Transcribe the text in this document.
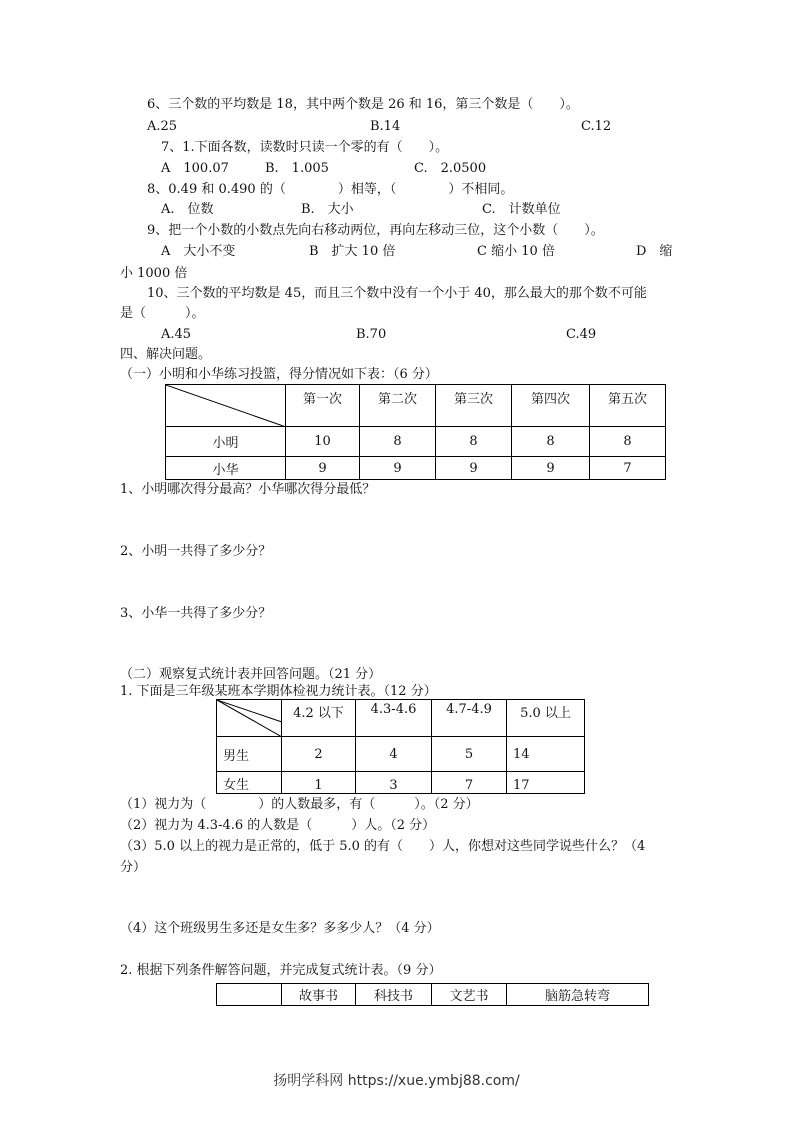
6、三个数的平均数是 18，其中两个数是 26 和 16，第三个数是（　　）。
A.25	B.14	C.12
7、1.下面各数，读数时只读一个零的有（　　）。
A　100.07	B.　1.005	C.　2.0500
8、0.49 和 0.490 的（　　　　）相等，（　　　　）不相同。
A.　位数	B.　大小	C.　计数单位
9、把一个小数的小数点先向右移动两位，再向左移动三位，这个小数（　　）。
A　大小不变	B　扩大 10 倍	C 缩小 10 倍	D　缩
小 1000 倍
10、三个数的平均数是 45，而且三个数中没有一个小于 40，那么最大的那个数不可能
是（　　　）。
A.45	B.70	C.49
四、解决问题。
（一）小明和小华练习投篮，得分情况如下表：（6 分）
	第一次	第二次	第三次	第四次	第五次
小明	10	8	8	8	8
小华	9	9	9	9	7
1、小明哪次得分最高？小华哪次得分最低？
2、小明一共得了多少分？
3、小华一共得了多少分？
（二）观察复式统计表并回答问题。（21 分）
1. 下面是三年级某班本学期体检视力统计表。（12 分）
	4.2 以下	4.3-4.6	4.7-4.9	5.0 以上
男生	2	4	5	14
女生	1	3	7	17
（1）视力为（　　　　）的人数最多，有（　　　）。（2 分）
（2）视力为 4.3-4.6 的人数是（　　　）人。（2 分）
（3）5.0 以上的视力是正常的，低于 5.0 的有（　　）人，你想对这些同学说些什么？（4
分）
（4）这个班级男生多还是女生多？多多少人？（4 分）
2. 根据下列条件解答问题，并完成复式统计表。（9 分）
	故事书	科技书	文艺书	脑筋急转弯
扬明学科网 https://xue.ymbj88.com/
